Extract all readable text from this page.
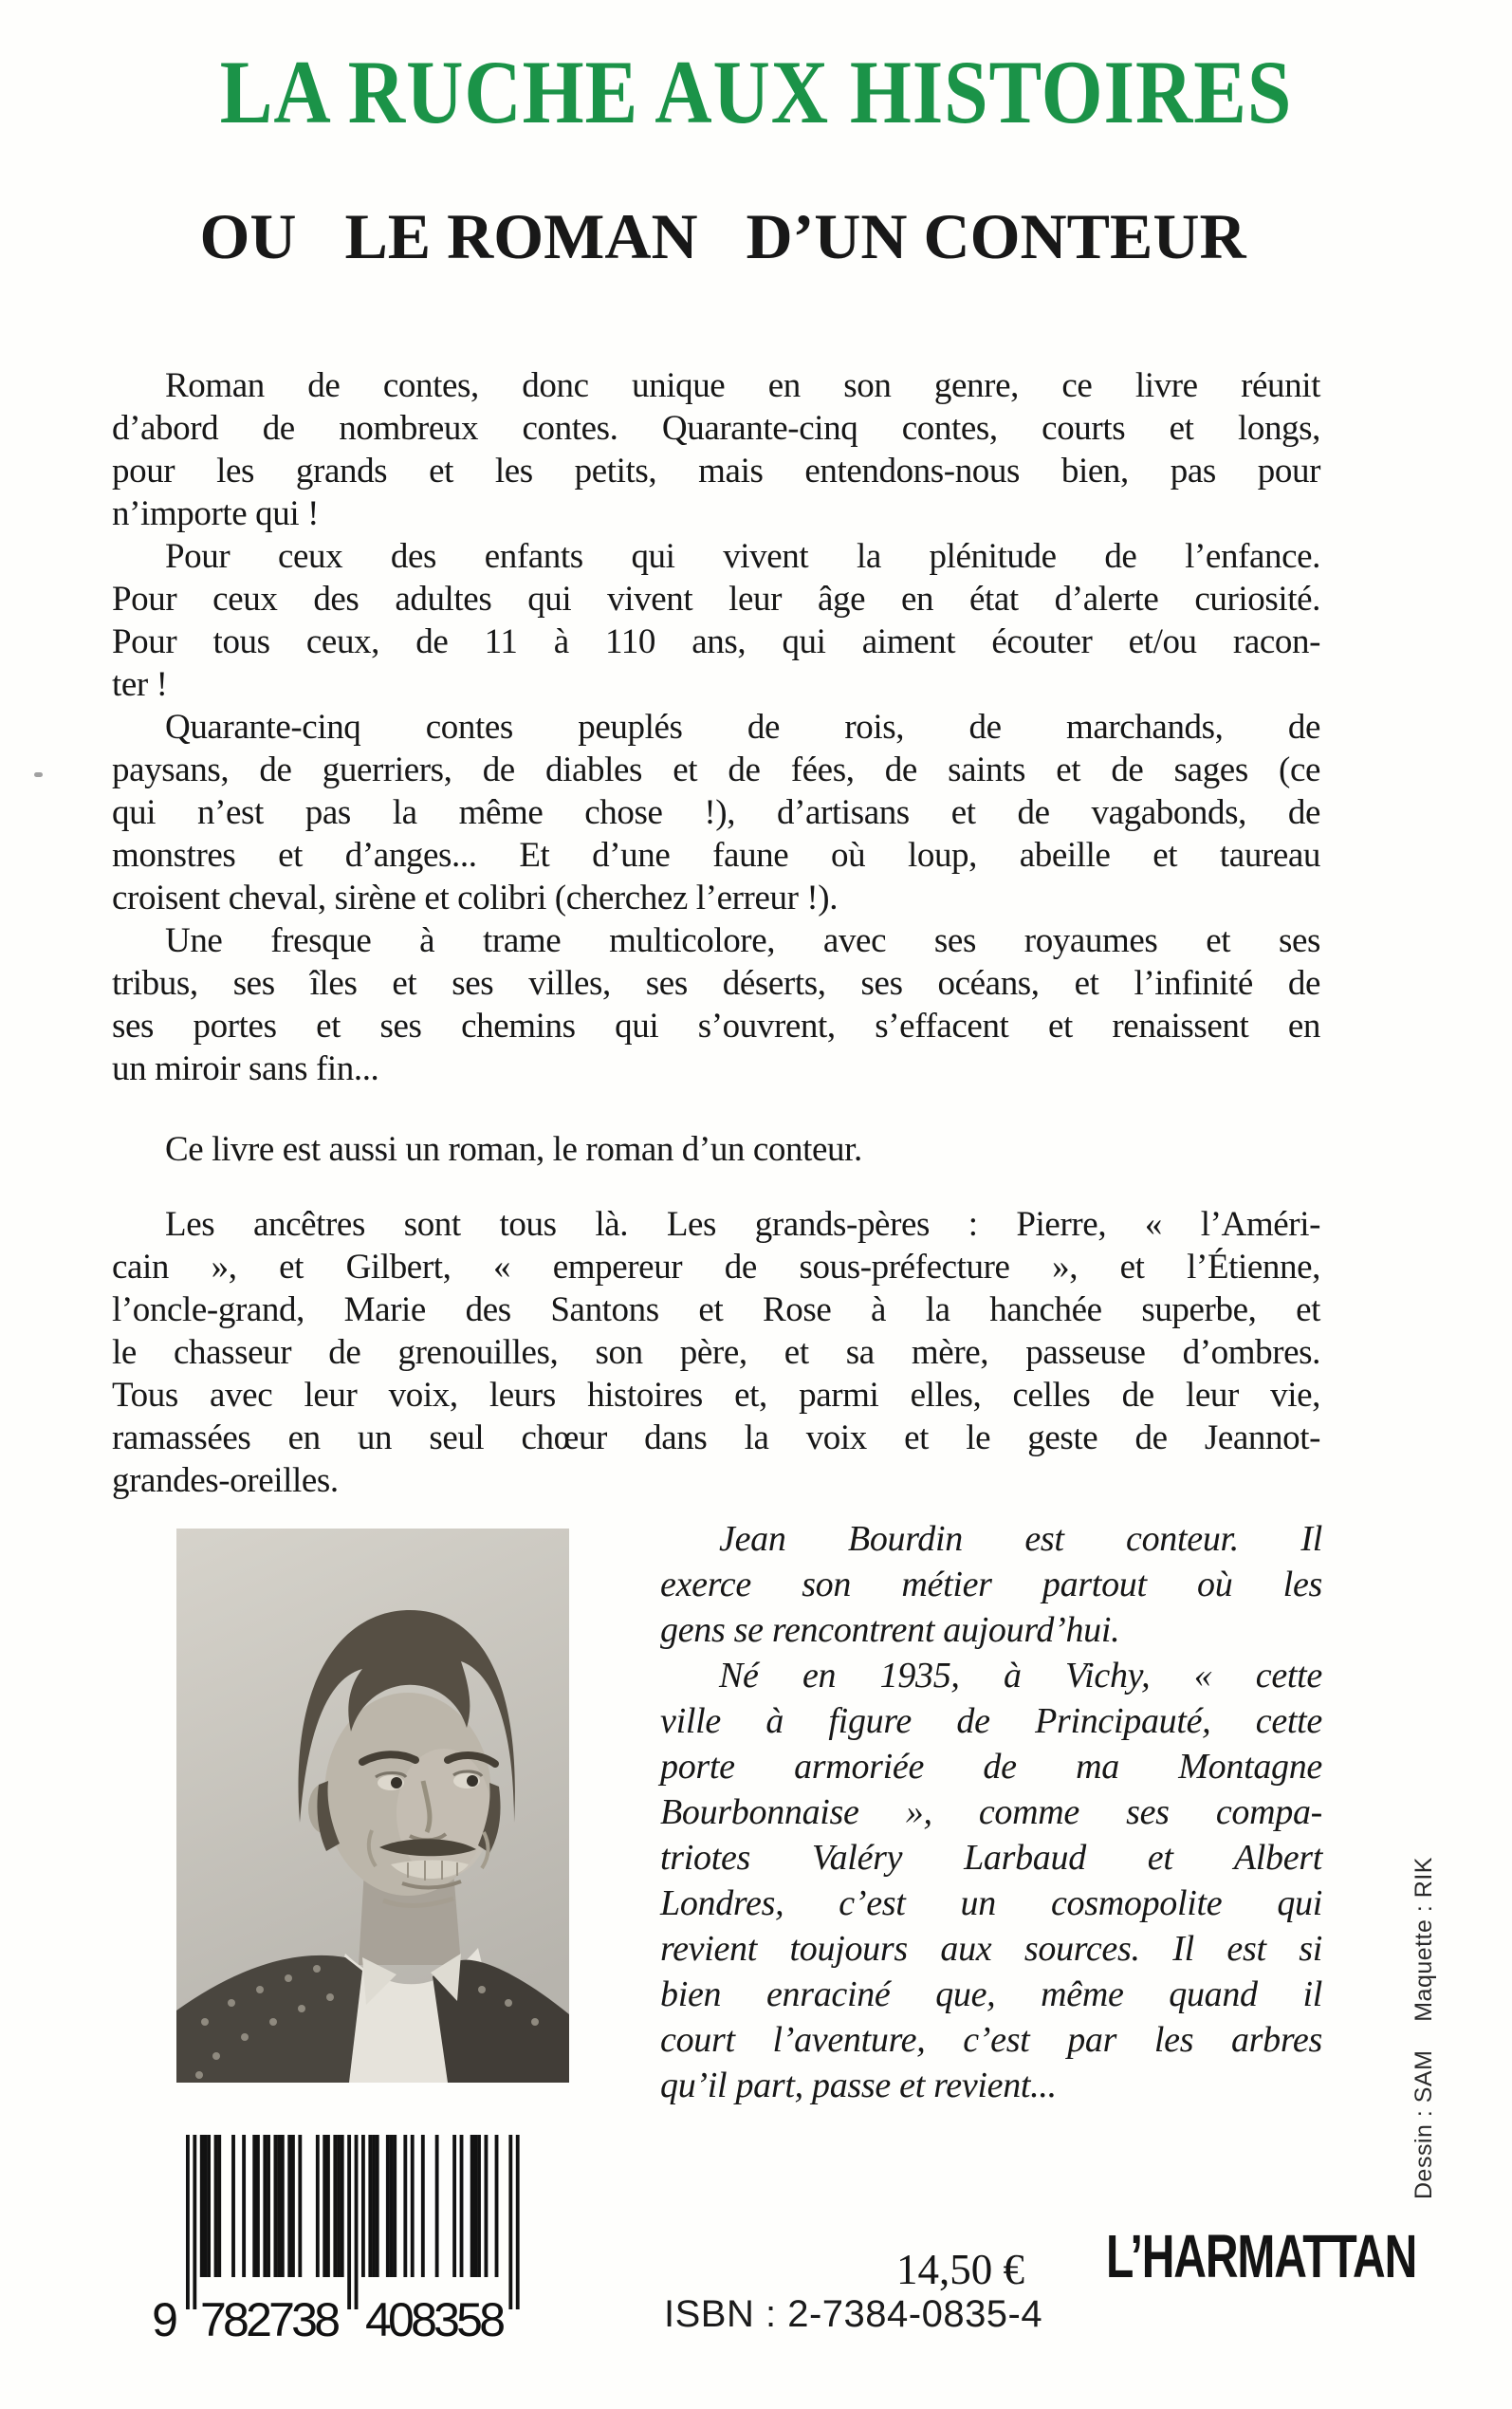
LA RUCHE AUX HISTOIRES
OU   LE ROMAN   D’UN CONTEUR
Roman de contes, donc unique en son genre, ce livre réunit
d’abord de nombreux contes. Quarante-cinq contes, courts et longs,
pour les grands et les petits, mais entendons-nous bien, pas pour
n’importe qui !
Pour ceux des enfants qui vivent la plénitude de l’enfance.
Pour ceux des adultes qui vivent leur âge en état d’alerte curiosité.
Pour tous ceux, de 11 à 110 ans, qui aiment écouter et/ou racon-
ter !
Quarante-cinq contes peuplés de rois, de marchands, de
paysans, de guerriers, de diables et de fées, de saints et de sages (ce
qui n’est pas la même chose !), d’artisans et de vagabonds, de
monstres et d’anges... Et d’une faune où loup, abeille et taureau
croisent cheval, sirène et colibri (cherchez l’erreur !).
Une fresque à trame multicolore, avec ses royaumes et ses
tribus, ses îles et ses villes, ses déserts, ses océans, et l’infinité de
ses portes et ses chemins qui s’ouvrent, s’effacent et renaissent en
un miroir sans fin...
Ce livre est aussi un roman, le roman d’un conteur.
Les ancêtres sont tous là. Les grands-pères : Pierre, « l’Améri-
cain », et Gilbert, « empereur de sous-préfecture », et l’Étienne,
l’oncle-grand, Marie des Santons et Rose à la hanchée superbe, et
le chasseur de grenouilles, son père, et sa mère, passeuse d’ombres.
Tous avec leur voix, leurs histoires et, parmi elles, celles de leur vie,
ramassées en un seul chœur dans la voix et le geste de Jeannot-
grandes-oreilles.
Jean Bourdin est conteur. Il
exerce son métier partout où les
gens se rencontrent aujourd’hui.
Né en 1935, à Vichy, « cette
ville à figure de Principauté, cette
porte armoriée de ma Montagne
Bourbonnaise », comme ses compa-
triotes Valéry Larbaud et Albert
Londres, c’est un cosmopolite qui
revient toujours aux sources. Il est si
bien enraciné que, même quand il
court l’aventure, c’est par les arbres
qu’il part, passe et revient...
9 782738 408358
14,50 €
ISBN : 2-7384-0835-4

L’HARMATTAN

Dessin : SAM    Maquette : RIK
